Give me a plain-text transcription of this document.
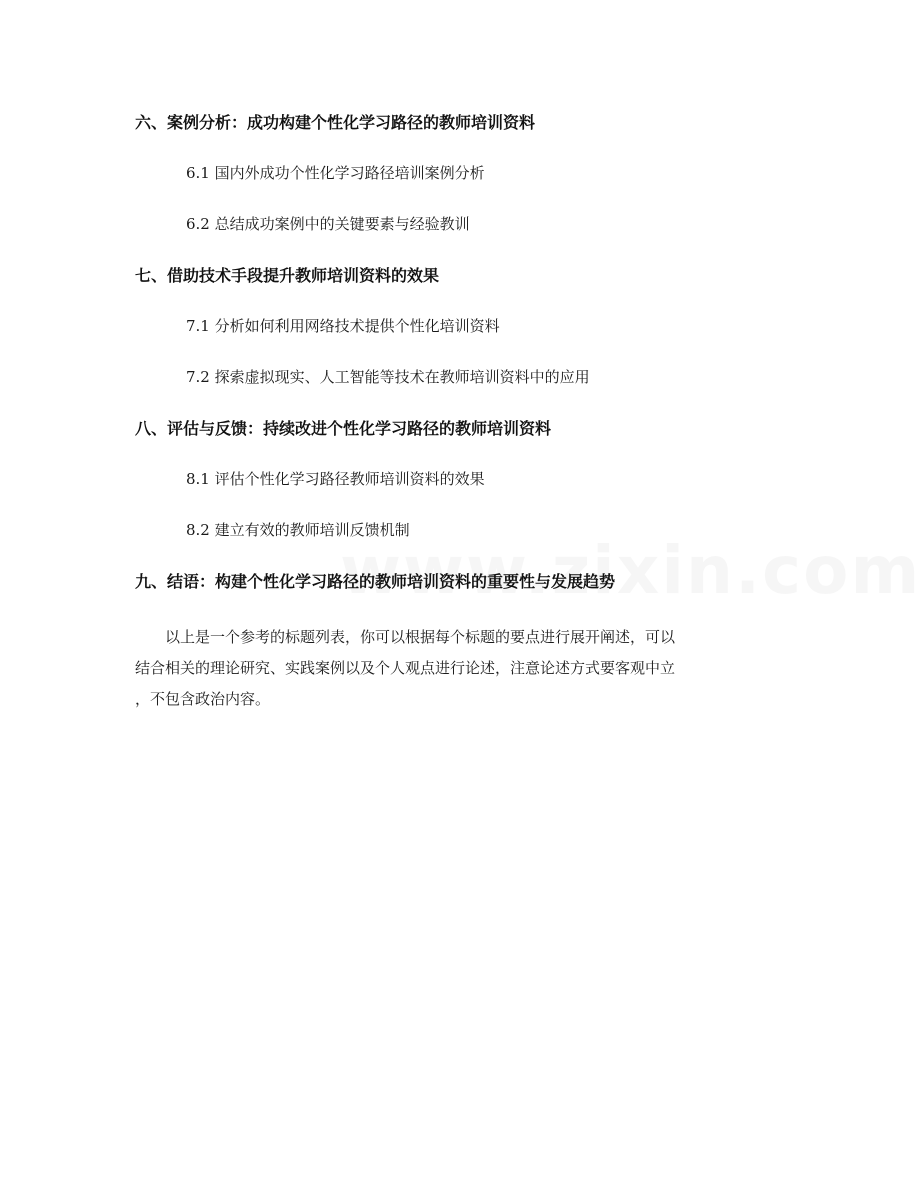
六、案例分析：成功构建个性化学习路径的教师培训资料
6.1 国内外成功个性化学习路径培训案例分析
6.2 总结成功案例中的关键要素与经验教训
七、借助技术手段提升教师培训资料的效果
7.1 分析如何利用网络技术提供个性化培训资料
7.2 探索虚拟现实、人工智能等技术在教师培训资料中的应用
八、评估与反馈：持续改进个性化学习路径的教师培训资料
8.1 评估个性化学习路径教师培训资料的效果
8.2 建立有效的教师培训反馈机制
九、结语：构建个性化学习路径的教师培训资料的重要性与发展趋势
以上是一个参考的标题列表，你可以根据每个标题的要点进行展开阐述，可以
结合相关的理论研究、实践案例以及个人观点进行论述，注意论述方式要客观中立
，不包含政治内容。
